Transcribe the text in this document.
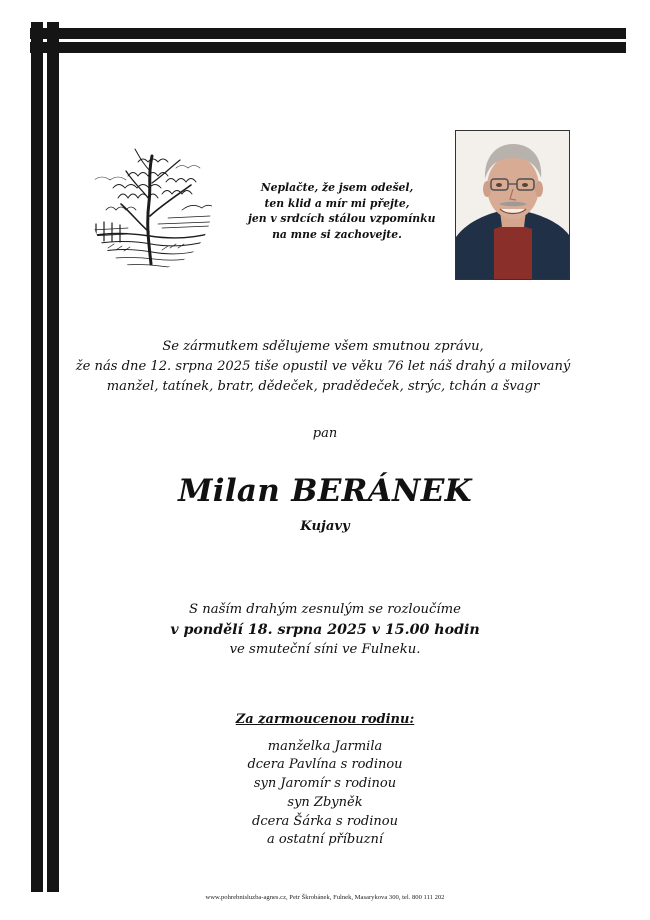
Neplačte, že jsem odešel,
ten klid a mír mi přejte,
jen v srdcích stálou vzpomínku
na mne si zachovejte.
Se zármutkem sdělujeme všem smutnou zprávu,
že nás dne 12. srpna 2025 tiše opustil ve věku 76 let náš drahý a milovaný
manžel, tatínek, bratr, dědeček, pradědeček, strýc, tchán a švagr
pan
Milan BERÁNEK
Kujavy
S naším drahým zesnulým se rozloučíme
v pondělí 18. srpna 2025 v 15.00 hodin
ve smuteční síni ve Fulneku.
Za zarmoucenou rodinu:
manželka Jarmila
dcera Pavlína s rodinou
syn Jaromír s rodinou
syn Zbyněk
dcera Šárka s rodinou
a ostatní příbuzní
www.pohrebnisluzba-agnes.cz, Petr Škrobánek, Fulnek, Masarykova 300, tel. 800 111 202
